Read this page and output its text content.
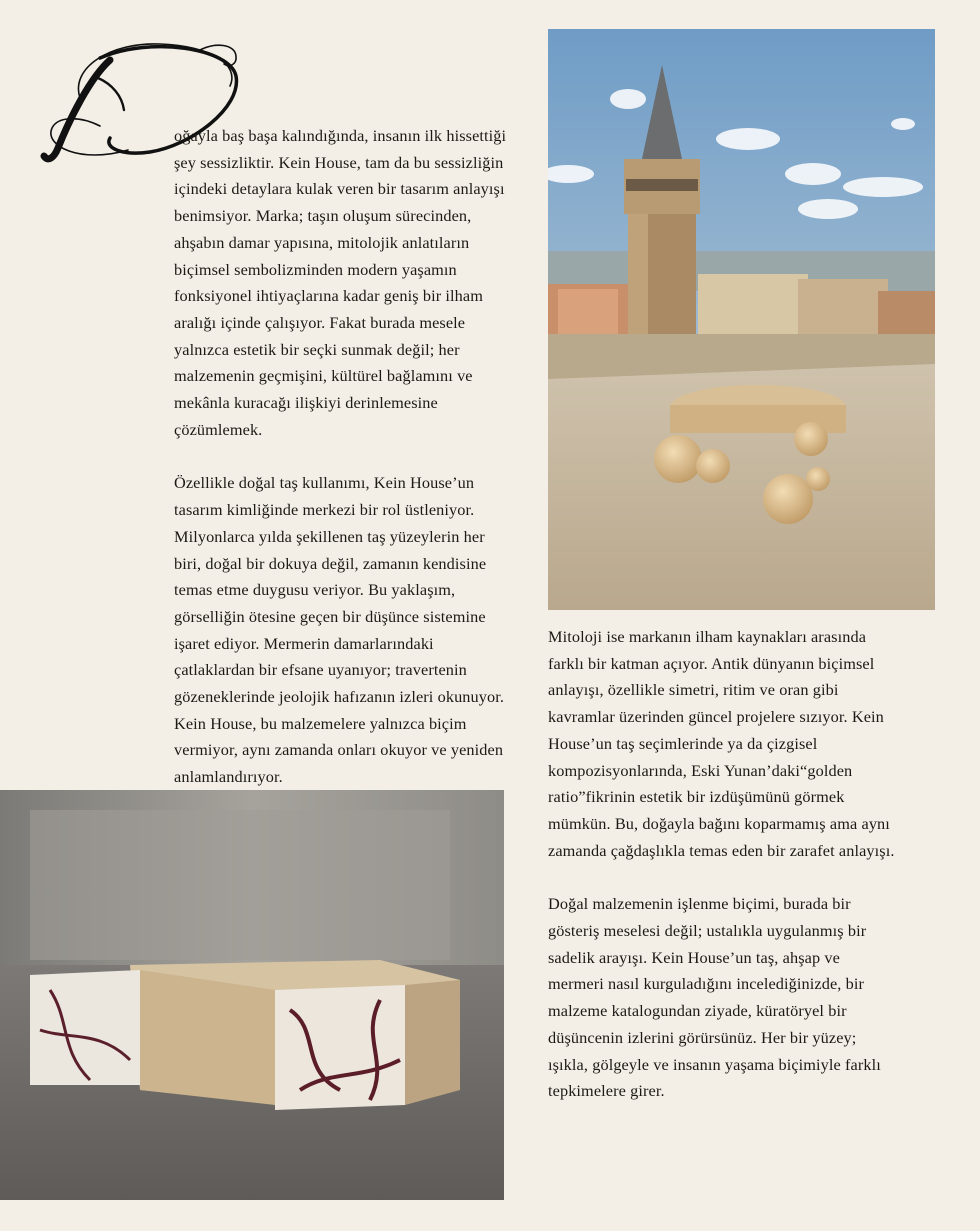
oğayla baş başa kalındığında, insanın ilk hissettiği şey sessizliktir. Kein House, tam da bu sessizliğin içindeki detaylara kulak veren bir tasarım anlayışı benimsiyor. Marka; taşın oluşum sürecinden, ahşabın damar yapısına, mitolojik anlatıların biçimsel sembolizminden modern yaşamın fonksiyonel ihtiyaçlarına kadar geniş bir ilham aralığı içinde çalışıyor. Fakat burada mesele yalnızca estetik bir seçki sunmak değil; her malzemenin geçmişini, kültürel bağlamını ve mekânla kuracağı ilişkiyi derinlemesine çözümlemek.

Özellikle doğal taş kullanımı, Kein House’un tasarım kimliğinde merkezi bir rol üstleniyor. Milyonlarca yılda şekillenen taş yüzeylerin her biri, doğal bir dokuya değil, zamanın kendisine temas etme duygusu veriyor. Bu yaklaşım, görselliğin ötesine geçen bir düşünce sistemine işaret ediyor. Mermerin damarlarındaki çatlaklardan bir efsane uyanıyor; travertenin gözeneklerinde jeolojik hafızanın izleri okunuyor. Kein House, bu malzemelere yalnızca biçim vermiyor, aynı zamanda onları okuyor ve yeniden anlamlandırıyor.

Mitoloji ise markanın ilham kaynakları arasında farklı bir katman açıyor. Antik dünyanın biçimsel anlayışı, özellikle simetri, ritim ve oran gibi kavramlar üzerinden güncel projelere sızıyor. Kein House’un taş seçimlerinde ya da çizgisel kompozisyonlarında, Eski Yunan’daki“golden ratio”fikrinin estetik bir izdüşümünü görmek mümkün. Bu, doğayla bağını koparmamış ama aynı zamanda çağdaşlıkla temas eden bir zarafet anlayışı.

Doğal malzemenin işlenme biçimi, burada bir gösteriş meselesi değil; ustalıkla uygulanmış bir sadelik arayışı. Kein House’un taş, ahşap ve mermeri nasıl kurguladığını incelediğinizde, bir malzeme katalogundan ziyade, küratöryel bir düşüncenin izlerini görürsünüz. Her bir yüzey; ışıkla, gölgeyle ve insanın yaşama biçimiyle farklı tepkimelere girer.
